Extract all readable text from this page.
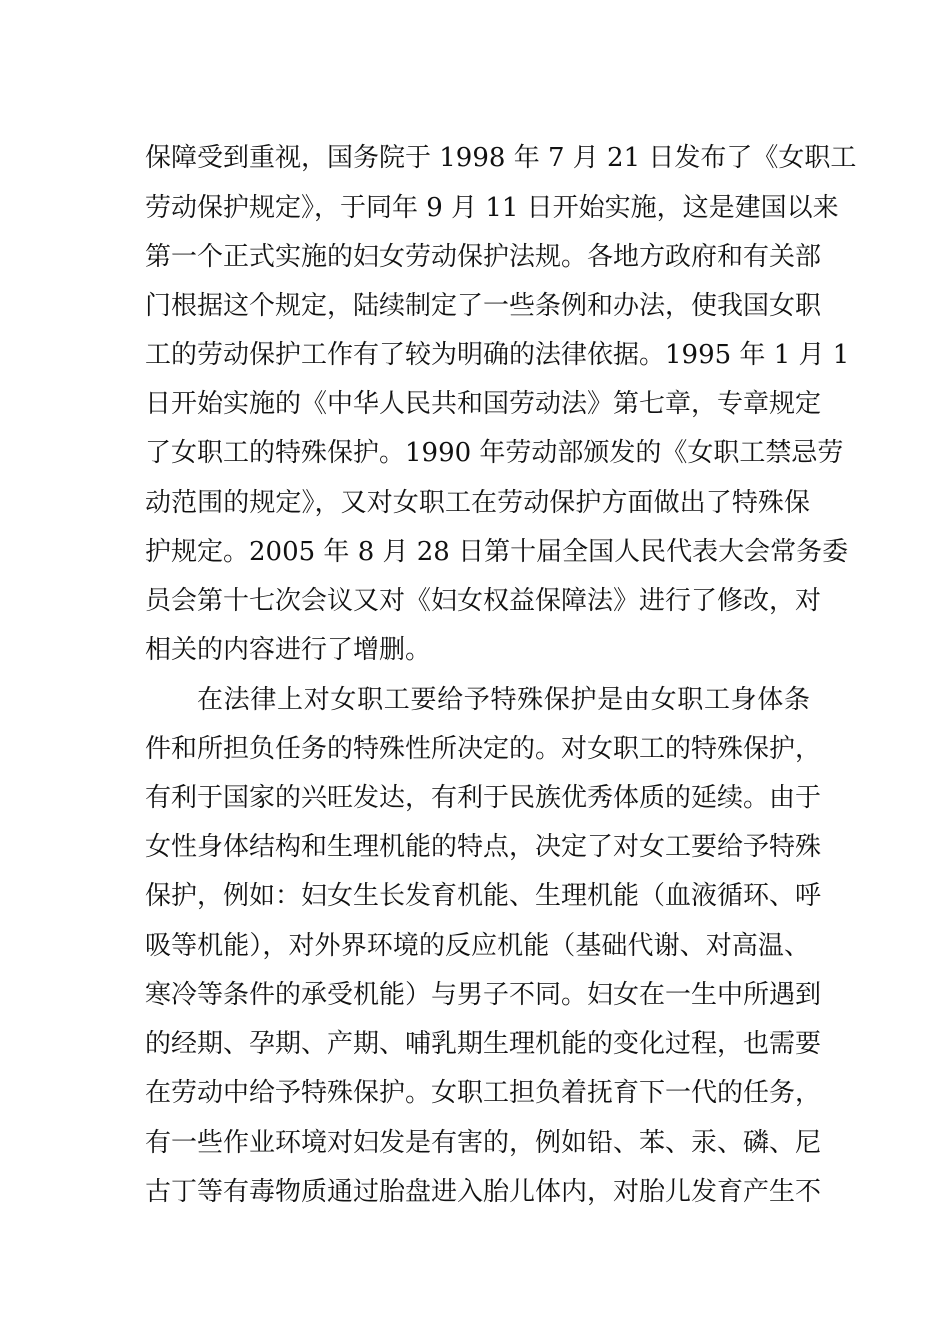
保障受到重视，国务院于 1998 年 7 月 21 日发布了《女职工
劳动保护规定》，于同年 9 月 11 日开始实施，这是建国以来
第一个正式实施的妇女劳动保护法规。各地方政府和有关部
门根据这个规定，陆续制定了一些条例和办法，使我国女职
工的劳动保护工作有了较为明确的法律依据。1995 年 1 月 1
日开始实施的《中华人民共和国劳动法》第七章，专章规定
了女职工的特殊保护。1990 年劳动部颁发的《女职工禁忌劳
动范围的规定》，又对女职工在劳动保护方面做出了特殊保
护规定。2005 年 8 月 28 日第十届全国人民代表大会常务委
员会第十七次会议又对《妇女权益保障法》进行了修改，对
相关的内容进行了增删。
在法律上对女职工要给予特殊保护是由女职工身体条
件和所担负任务的特殊性所决定的。对女职工的特殊保护，
有利于国家的兴旺发达，有利于民族优秀体质的延续。由于
女性身体结构和生理机能的特点，决定了对女工要给予特殊
保护，例如：妇女生长发育机能、生理机能（血液循环、呼
吸等机能），对外界环境的反应机能（基础代谢、对高温、
寒冷等条件的承受机能）与男子不同。妇女在一生中所遇到
的经期、孕期、产期、哺乳期生理机能的变化过程，也需要
在劳动中给予特殊保护。女职工担负着抚育下一代的任务，
有一些作业环境对妇发是有害的，例如铅、苯、汞、磷、尼
古丁等有毒物质通过胎盘进入胎儿体内，对胎儿发育产生不
